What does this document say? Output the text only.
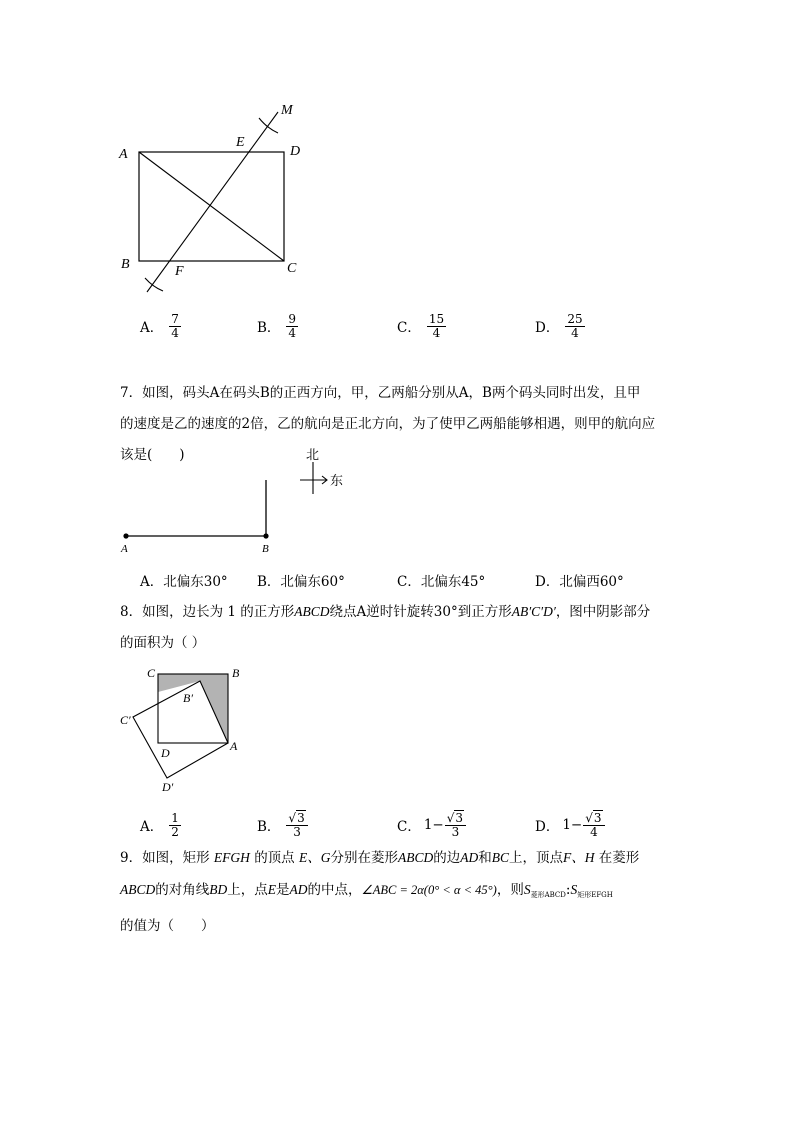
A
B	C
D
E
F
M
A． $\frac{7}{4}$	B． $\frac{9}{4}$	C． $\frac{15}{4}$	D． $\frac{25}{4}$
7．如图，码头A在码头B的正西方向，甲，乙两船分别从A，B两个码头同时出发，且甲
的速度是乙的速度的2倍，乙的航向是正北方向，为了使甲乙两船能够相遇，则甲的航向应
该是(　　)
A	B
北
东
A．北偏东30° B．北偏东60°	C．北偏东45°	D．北偏西60°
8．如图，边长为 1 的正方形ABCD绕点A逆时针旋转30°到正方形AB′C′D′，图中阴影部分
的面积为（ ）
C	B
B′
C′
D	A
D′
A． $\frac{1}{2}$	B． $\frac{√3}{3}$	C． $1- \frac{√3}{3}$	D． $1- \frac{√3}{4}$
9．如图，矩形 EFGH 的顶点 E、G分别在菱形ABCD的边AD和BC上，顶点F、H 在菱形
ABCD的对角线BD上，点E是AD的中点，∠ABC = 2α(0° < α < 45°)，则$S_{菱形ABCD}:S_{矩形EFGH}$
的值为（　　）
